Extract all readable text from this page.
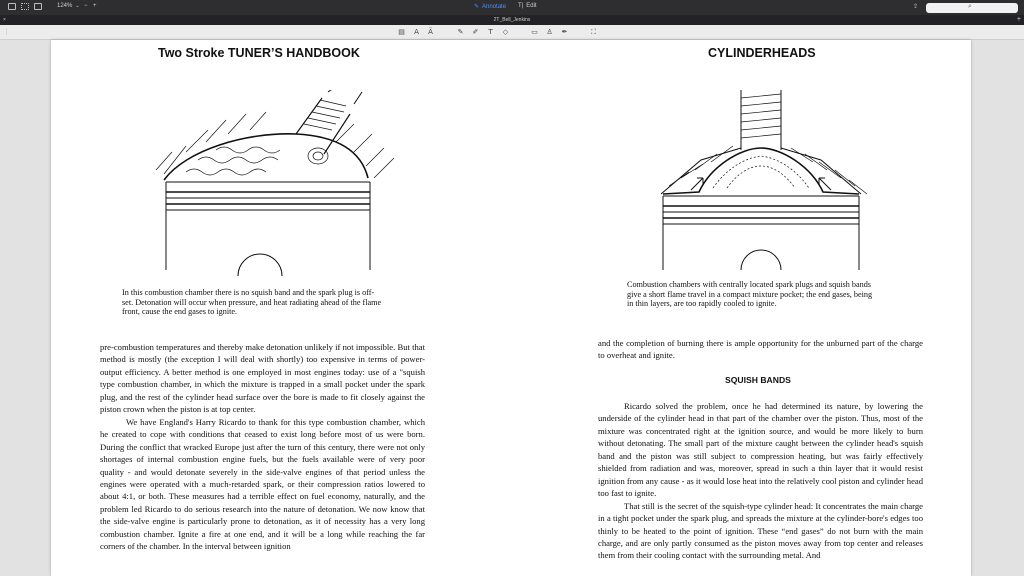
124% ⌄ − +	✎ Annotate T| Edit	⇪	⌕
×	2T_Bell_Jenkins	+
⋮	▤ A	Ä	✎ ✐	T	◇	▭ ♙ ✒	⛶
Two Stroke TUNER’S HANDBOOK
In this combustion chamber there is no squish band and the spark plug is off-
set. Detonation will occur when pressure, and heat radiating ahead of the flame
front, cause the end gases to ignite.

pre-combustion temperatures and thereby make detonation unlikely if not impossible. But that method is mostly (the exception I will deal with shortly) too expensive in terms of power-output efficiency. A better method is one employed in most engines today: use of a "squish type combustion chamber, in which the mixture is trapped in a small pocket under the spark plug, and the rest of the cylinder head surface over the bore is made to fit closely against the piston crown when the piston is at top center.

We have England's Harry Ricardo to thank for this type combustion chamber, which he created to cope with conditions that ceased to exist long before most of us were born. During the conflict that wracked Europe just after the turn of this century, there were not only shortages of internal combustion engine fuels, but the fuels available were of very poor quality - and would detonate severely in the side-valve engines of that period unless the engines were operated with a much-retarded spark, or their compression ratios lowered to about 4:1, or both. These measures had a terrible effect on fuel economy, naturally, and the problem led Ricardo to do serious research into the nature of detonation. We now know that the side-valve engine is particularly prone to detonation, as it of necessity has a very long combustion chamber. Ignite a fire at one end, and it will be a long while reaching the far corners of the chamber. In the interval between ignition

CYLINDERHEADS
Combustion chambers with centrally located spark plugs and squish bands
give a short flame travel in a compact mixture pocket; the end gases, being
in thin layers, are too rapidly cooled to ignite.

and the completion of burning there is ample opportunity for the unburned part of the charge to overheat and ignite.

SQUISH BANDS

Ricardo solved the problem, once he had determined its nature, by lowering the underside of the cylinder head in that part of the chamber over the piston. Thus, most of the mixture was concentrated right at the ignition source, and would be more likely to burn without detonating. The small part of the mixture caught between the cylinder head's squish band and the piston was still subject to compression heating, but was fairly effectively shielded from radiation and was, moreover, spread in such a thin layer that it would resist ignition from any cause - as it would lose heat into the relatively cool piston and cylinder head too fast to ignite.

That still is the secret of the squish-type cylinder head: It concentrates the main charge in a tight pocket under the spark plug, and spreads the mixture at the cylinder-bore's edges too thinly to be heated to the point of ignition. These “end gases” do not burn with the main charge, and are only partly consumed as the piston moves away from top center and releases them from their cooling contact with the surrounding metal. And
